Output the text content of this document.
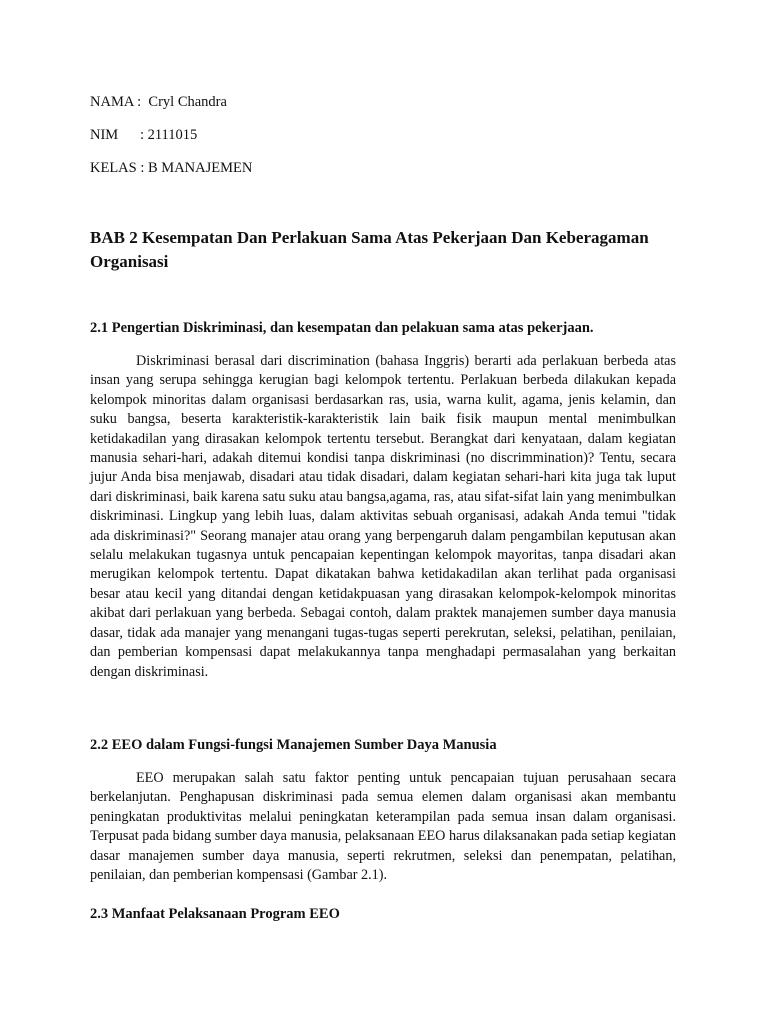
NAMA :  Cryl Chandra
NIM      : 2111015
KELAS : B MANAJEMEN
BAB 2 Kesempatan Dan Perlakuan Sama Atas Pekerjaan Dan Keberagaman Organisasi
2.1 Pengertian Diskriminasi, dan kesempatan dan pelakuan sama atas pekerjaan.

Diskriminasi berasal dari discrimination (bahasa Inggris) berarti ada perlakuan berbeda atas insan yang serupa sehingga kerugian bagi kelompok tertentu. Perlakuan berbeda dilakukan kepada kelompok minoritas dalam organisasi berdasarkan ras, usia, warna kulit, agama, jenis kelamin, dan suku bangsa, beserta karakteristik-karakteristik lain baik fisik maupun mental menimbulkan ketidakadilan yang dirasakan kelompok tertentu tersebut. Berangkat dari kenyataan, dalam kegiatan manusia sehari-hari, adakah ditemui kondisi tanpa diskriminasi (no discrimmination)? Tentu, secara jujur Anda bisa menjawab, disadari atau tidak disadari, dalam kegiatan sehari-hari kita juga tak luput dari diskriminasi, baik karena satu suku atau bangsa,agama, ras, atau sifat-sifat lain yang menimbulkan diskriminasi. Lingkup yang lebih luas, dalam aktivitas sebuah organisasi, adakah Anda temui "tidak ada diskriminasi?" Seorang manajer atau orang yang berpengaruh dalam pengambilan keputusan akan selalu melakukan tugasnya untuk pencapaian kepentingan kelompok mayoritas, tanpa disadari akan merugikan kelompok tertentu. Dapat dikatakan bahwa ketidakadilan akan terlihat pada organisasi besar atau kecil yang ditandai dengan ketidakpuasan yang dirasakan kelompok-kelompok minoritas akibat dari perlakuan yang berbeda. Sebagai contoh, dalam praktek manajemen sumber daya manusia dasar, tidak ada manajer yang menangani tugas-tugas seperti perekrutan, seleksi, pelatihan, penilaian, dan pemberian kompensasi dapat melakukannya tanpa menghadapi permasalahan yang berkaitan dengan diskriminasi.

2.2 EEO dalam Fungsi-fungsi Manajemen Sumber Daya Manusia

EEO merupakan salah satu faktor penting untuk pencapaian tujuan perusahaan secara berkelanjutan. Penghapusan diskriminasi pada semua elemen dalam organisasi akan membantu peningkatan produktivitas melalui peningkatan keterampilan pada semua insan dalam organisasi. Terpusat pada bidang sumber daya manusia, pelaksanaan EEO harus dilaksanakan pada setiap kegiatan dasar manajemen sumber daya manusia, seperti rekrutmen, seleksi dan penempatan, pelatihan, penilaian, dan pemberian kompensasi (Gambar 2.1).

2.3 Manfaat Pelaksanaan Program EEO
